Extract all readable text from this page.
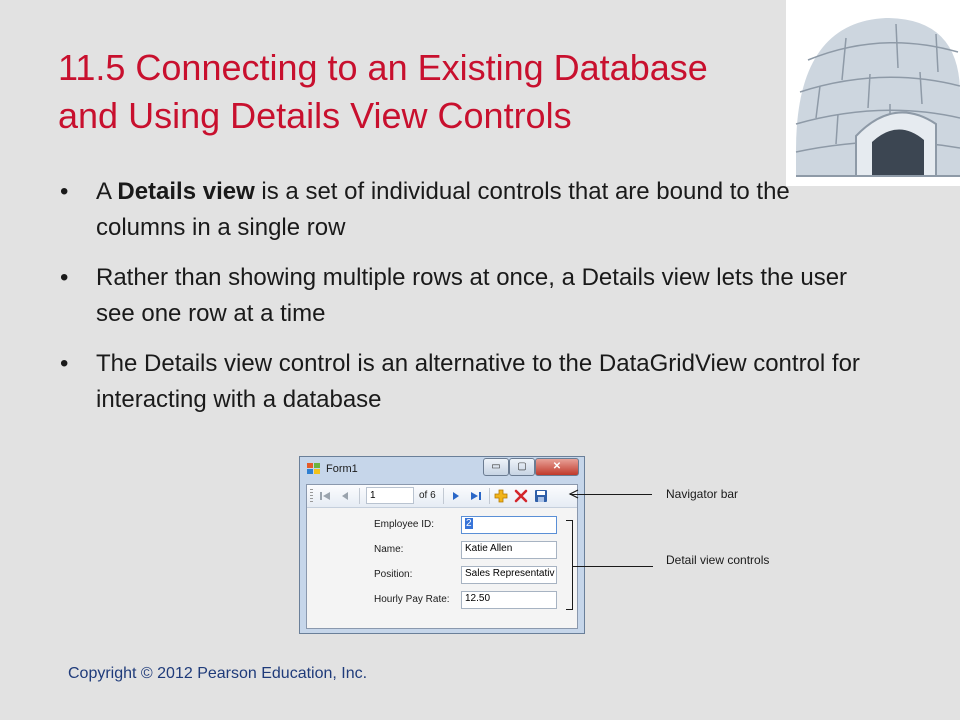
11.5 Connecting to an Existing Database
and Using Details View Controls
• A Details view is a set of individual controls that are bound to the columns in a single row
• Rather than showing multiple rows at once, a Details view lets the user see one row at a time
• The Details view control is an alternative to the DataGridView control for interacting with a database
Form1	▭	▢	✕
1
of 6
Employee ID:	2
Name:	Katie Allen
Position:	Sales Representativ
Hourly Pay Rate:	12.50
Navigator bar
Detail view controls
Copyright © 2012 Pearson Education, Inc.
